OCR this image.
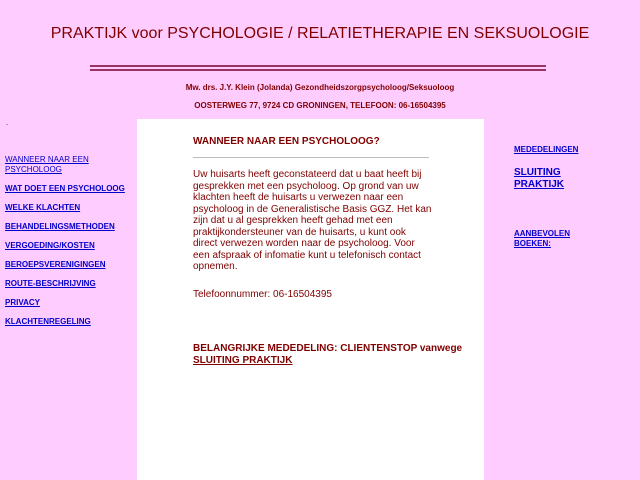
PRAKTIJK voor PSYCHOLOGIE / RELATIETHERAPIE EN SEKSUOLOGIE
Mw. drs. J.Y. Klein (Jolanda) Gezondheidszorgpsycholoog/Seksuoloog
OOSTERWEG 77, 9724 CD GRONINGEN, TELEFOON: 06-16504395
.
WANNEER NAAR EEN PSYCHOLOOG
WAT DOET EEN PSYCHOLOOG
WELKE KLACHTEN
BEHANDELINGSMETHODEN
VERGOEDING/KOSTEN
BEROEPSVERENIGINGEN
ROUTE-BESCHRIJVING
PRIVACY
KLACHTENREGELING
WANNEER NAAR EEN PSYCHOLOOG?

Uw huisarts heeft geconstateerd dat u baat heeft bij gesprekken met een psycholoog. Op grond van uw klachten heeft de huisarts u verwezen naar een psycholoog in de Generalistische Basis GGZ. Het kan zijn dat u al gesprekken heeft gehad met een praktijkondersteuner van de huisarts, u kunt ook direct verwezen worden naar de psycholoog. Voor een afspraak of infomatie kunt u telefonisch contact opnemen.

Telefoonnummer: 06-16504395
BELANGRIJKE MEDEDELING: CLIENTENSTOP vanwege SLUITING PRAKTIJK
MEDEDELINGEN
SLUITING PRAKTIJK
AANBEVOLEN BOEKEN:
